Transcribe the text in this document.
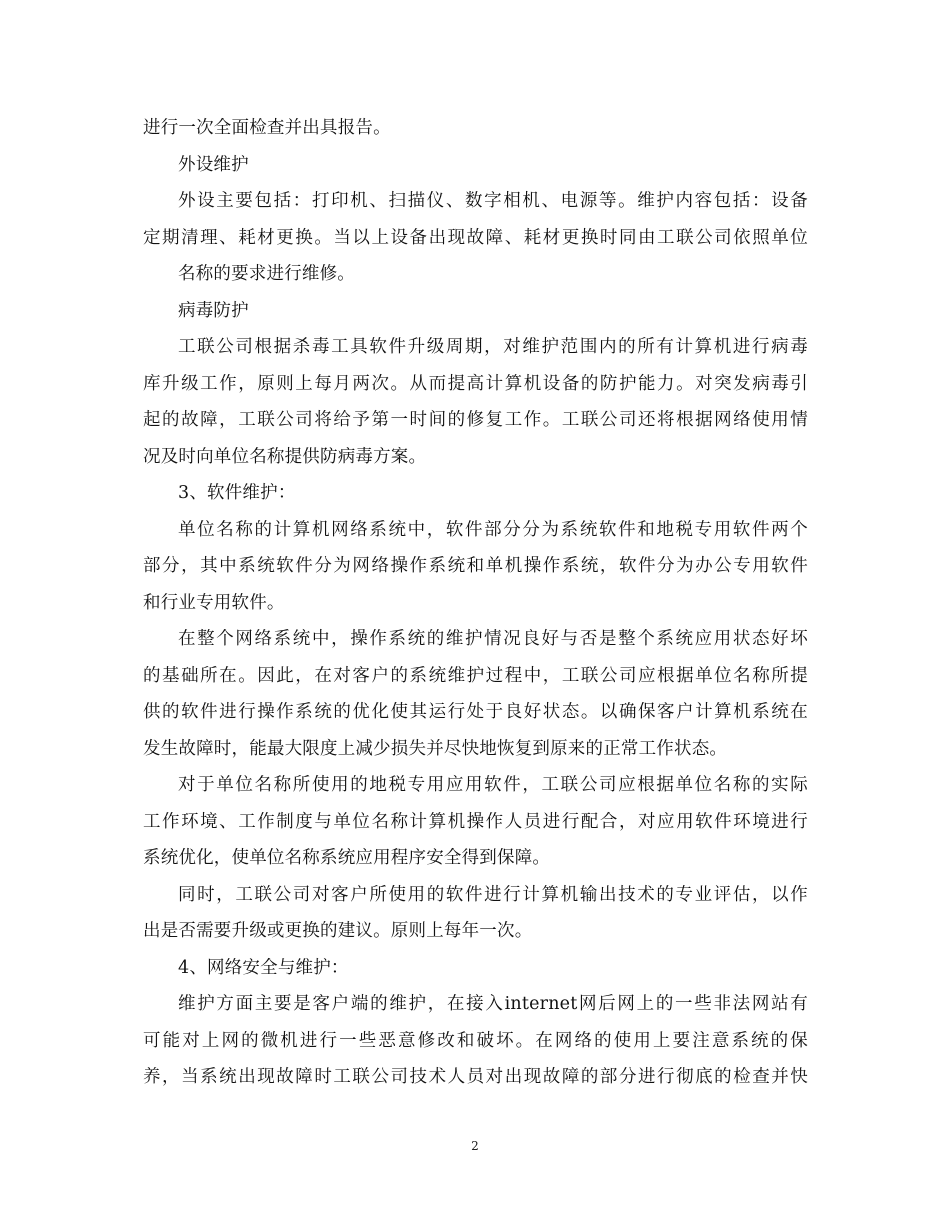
进行一次全面检查并出具报告。
外设维护
外设主要包括：打印机、扫描仪、数字相机、电源等。维护内容包括：设备
定期清理、耗材更换。当以上设备出现故障、耗材更换时同由工联公司依照单位
名称的要求进行维修。
病毒防护
工联公司根据杀毒工具软件升级周期，对维护范围内的所有计算机进行病毒
库升级工作，原则上每月两次。从而提高计算机设备的防护能力。对突发病毒引
起的故障，工联公司将给予第一时间的修复工作。工联公司还将根据网络使用情
况及时向单位名称提供防病毒方案。
3、软件维护：
单位名称的计算机网络系统中，软件部分分为系统软件和地税专用软件两个
部分，其中系统软件分为网络操作系统和单机操作系统，软件分为办公专用软件
和行业专用软件。
在整个网络系统中，操作系统的维护情况良好与否是整个系统应用状态好坏
的基础所在。因此，在对客户的系统维护过程中，工联公司应根据单位名称所提
供的软件进行操作系统的优化使其运行处于良好状态。以确保客户计算机系统在
发生故障时，能最大限度上减少损失并尽快地恢复到原来的正常工作状态。
对于单位名称所使用的地税专用应用软件，工联公司应根据单位名称的实际
工作环境、工作制度与单位名称计算机操作人员进行配合，对应用软件环境进行
系统优化，使单位名称系统应用程序安全得到保障。
同时，工联公司对客户所使用的软件进行计算机输出技术的专业评估，以作
出是否需要升级或更换的建议。原则上每年一次。
4、网络安全与维护：
维护方面主要是客户端的维护，在接入internet网后网上的一些非法网站有
可能对上网的微机进行一些恶意修改和破坏。在网络的使用上要注意系统的保
养，当系统出现故障时工联公司技术人员对出现故障的部分进行彻底的检查并快
2
